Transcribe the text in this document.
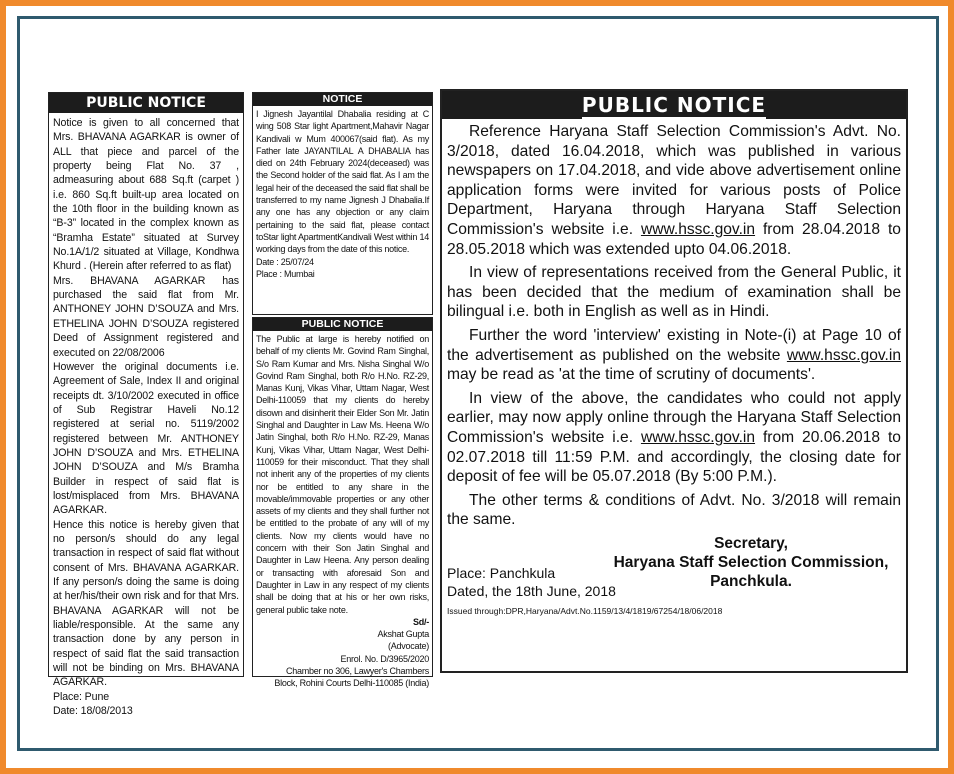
PUBLIC NOTICE

Notice is given to all concerned that Mrs. BHAVANA AGARKAR is owner of ALL that piece and parcel of the property being Flat No. 37 , admeasuring about 688 Sq.ft (carpet ) i.e. 860 Sq.ft built-up area located on the 10th floor in the building known as “B-3” located in the complex known as “Bramha Estate” situated at Survey No.1A/1/2 situated at Village, Kondhwa Khurd . (Herein after referred to as flat)

Mrs. BHAVANA AGARKAR has purchased the said flat from Mr. ANTHONEY JOHN D’SOUZA and Mrs. ETHELINA JOHN D’SOUZA registered Deed of Assignment registered and executed on 22/08/2006

However the original documents i.e. Agreement of Sale, Index II and original receipts dt. 3/10/2002 executed in office of Sub Registrar Haveli No.12 registered at serial no. 5119/2002 registered between Mr. ANTHONEY JOHN D’SOUZA and Mrs. ETHELINA JOHN D’SOUZA and M/s Bramha Builder in respect of said flat is lost/misplaced from Mrs. BHAVANA AGARKAR.

Hence this notice is hereby given that no person/s should do any legal transaction in respect of said flat without consent of Mrs. BHAVANA AGARKAR. If any person/s doing the same is doing at her/his/their own risk and for that Mrs. BHAVANA AGARKAR will not be liable/responsible. At the same any transaction done by any person in respect of said flat the said transaction will not be binding on Mrs. BHAVANA AGARKAR.

Place: Pune

Date: 18/08/2013

NOTICE

I Jignesh Jayantilal Dhabalia residing at C wing 508 Star light Apartment,Mahavir Nagar Kandivali w Mum 400067(said flat). As my Father late JAYANTILAL A DHABALIA has died on 24th February 2024(deceased) was the Second holder of the said flat. As I am the legal heir of the deceased the said flat shall be transferred to my name Jignesh J Dhabalia.If any one has any objection or any claim pertaining to the said flat, please contact toStar light ApartmentKandivali West within 14 working days from the date of this notice.

Date : 25/07/24

Place : Mumbai

PUBLIC NOTICE

The Public at large is hereby notified on behalf of my clients Mr. Govind Ram Singhal, S/o Ram Kumar and Mrs. Nisha Singhal W/o Govind Ram Singhal, both R/o H.No. RZ-29, Manas Kunj, Vikas Vihar, Uttam Nagar, West Delhi-110059 that my clients do hereby disown and disinherit their Elder Son Mr. Jatin Singhal and Daughter in Law Ms. Heena W/o Jatin Singhal, both R/o H.No. RZ-29, Manas Kunj, Vikas Vihar, Uttam Nagar, West Delhi-110059 for their misconduct. That they shall not inherit any of the properties of my clients nor be entitled to any share in the movable/immovable properties or any other assets of my clients and they shall further not be entitled to the probate of any will of my clients. Now my clients would have no concern with their Son Jatin Singhal and Daughter in Law Heena. Any person dealing or transacting with aforesaid Son and Daughter in Law in any respect of my clients shall be doing that at his or her own risks, general public take note.

Sd/-

Akshat Gupta

(Advocate)

Enrol. No. D/3965/2020

Chamber no 306, Lawyer's Chambers

Block, Rohini Courts Delhi-110085 (India)

PUBLIC NOTICE

Reference Haryana Staff Selection Commission's Advt. No. 3/2018, dated 16.04.2018, which was published in various newspapers on 17.04.2018, and vide above advertisement online application forms were invited for various posts of Police Department, Haryana through Haryana Staff Selection Commission's website i.e. www.hssc.gov.in from 28.04.2018 to 28.05.2018 which was extended upto 04.06.2018.

In view of representations received from the General Public, it has been decided that the medium of examination shall be bilingual i.e. both in English as well as in Hindi.

Further the word 'interview' existing in Note-(i) at Page 10 of the advertisement as published on the website www.hssc.gov.in may be read as 'at the time of scrutiny of documents'.

In view of the above, the candidates who could not apply earlier, may now apply online through the Haryana Staff Selection Commission's website i.e. www.hssc.gov.in from 20.06.2018 to 02.07.2018 till 11:59 P.M. and accordingly, the closing date for deposit of fee will be 05.07.2018 (By 5:00 P.M.).

The other terms & conditions of Advt. No. 3/2018 will remain the same.

Secretary,
Haryana Staff Selection Commission,
Panchkula.
Place: Panchkula
Dated, the 18th June, 2018
Issued through:DPR,Haryana/Advt.No.1159/13/4/1819/67254/18/06/2018
